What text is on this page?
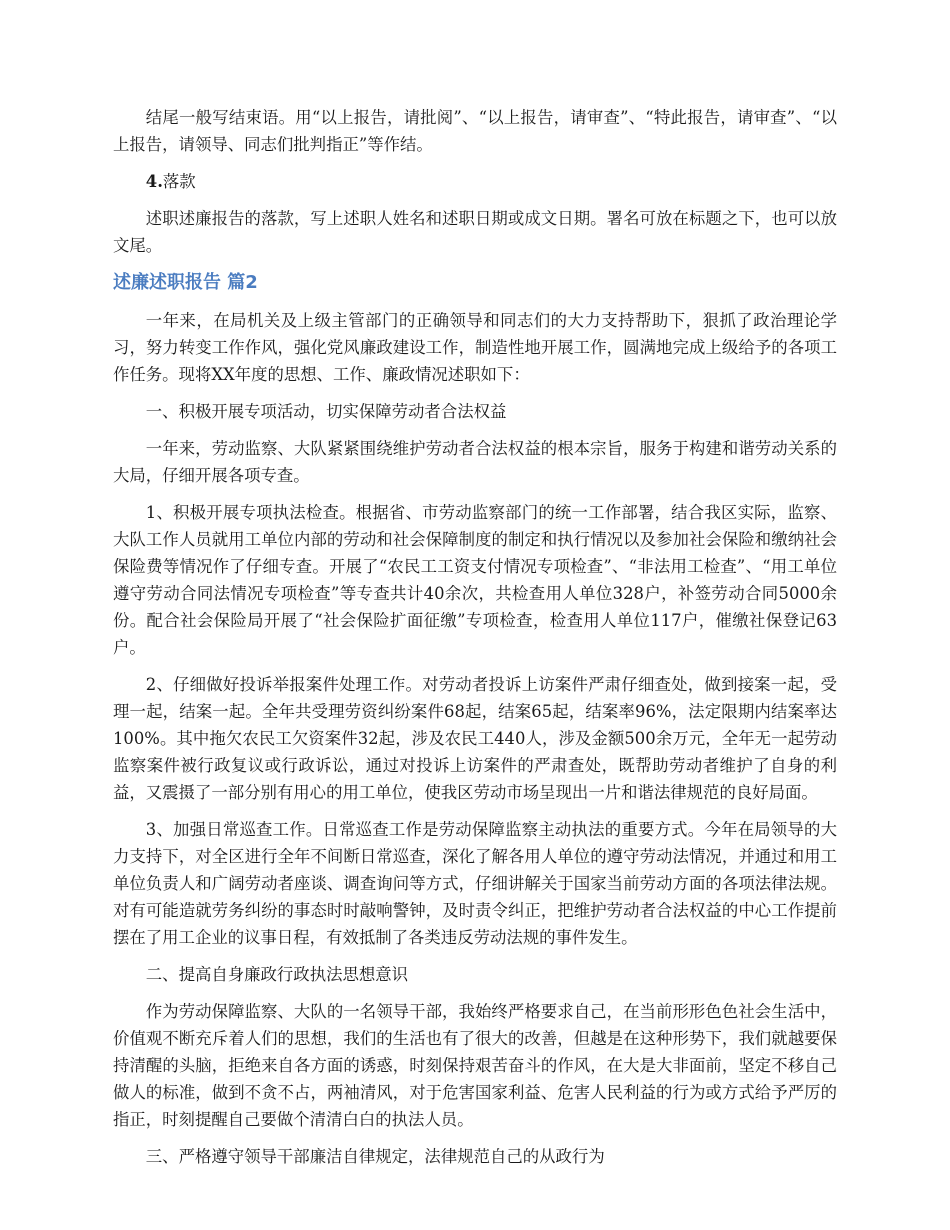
结尾一般写结束语。用“以上报告，请批阅”、“以上报告，请审查”、“特此报告，请审查”、“以上报告，请领导、同志们批判指正”等作结。

4.落款

述职述廉报告的落款，写上述职人姓名和述职日期或成文日期。署名可放在标题之下，也可以放文尾。

述廉述职报告 篇2

一年来，在局机关及上级主管部门的正确领导和同志们的大力支持帮助下，狠抓了政治理论学习，努力转变工作作风，强化党风廉政建设工作，制造性地开展工作，圆满地完成上级给予的各项工作任务。现将XX年度的思想、工作、廉政情况述职如下：

一、积极开展专项活动，切实保障劳动者合法权益

一年来，劳动监察、大队紧紧围绕维护劳动者合法权益的根本宗旨，服务于构建和谐劳动关系的大局，仔细开展各项专查。

1、积极开展专项执法检查。根据省、市劳动监察部门的统一工作部署，结合我区实际，监察、大队工作人员就用工单位内部的劳动和社会保障制度的制定和执行情况以及参加社会保险和缴纳社会保险费等情况作了仔细专查。开展了“农民工工资支付情况专项检查”、“非法用工检查”、“用工单位遵守劳动合同法情况专项检查”等专查共计40余次，共检查用人单位328户，补签劳动合同5000余份。配合社会保险局开展了“社会保险扩面征缴”专项检查，检查用人单位117户，催缴社保登记63户。

2、仔细做好投诉举报案件处理工作。对劳动者投诉上访案件严肃仔细查处，做到接案一起，受理一起，结案一起。全年共受理劳资纠纷案件68起，结案65起，结案率96%，法定限期内结案率达100%。其中拖欠农民工欠资案件32起，涉及农民工440人，涉及金额500余万元，全年无一起劳动监察案件被行政复议或行政诉讼，通过对投诉上访案件的严肃查处，既帮助劳动者维护了自身的利益，又震摄了一部分别有用心的用工单位，使我区劳动市场呈现出一片和谐法律规范的良好局面。

3、加强日常巡查工作。日常巡查工作是劳动保障监察主动执法的重要方式。今年在局领导的大力支持下，对全区进行全年不间断日常巡查，深化了解各用人单位的遵守劳动法情况，并通过和用工单位负责人和广阔劳动者座谈、调查询问等方式，仔细讲解关于国家当前劳动方面的各项法律法规。对有可能造就劳务纠纷的事态时时敲响警钟，及时责令纠正，把维护劳动者合法权益的中心工作提前摆在了用工企业的议事日程，有效抵制了各类违反劳动法规的事件发生。

二、提高自身廉政行政执法思想意识

作为劳动保障监察、大队的一名领导干部，我始终严格要求自己，在当前形形色色社会生活中，价值观不断充斥着人们的思想，我们的生活也有了很大的改善，但越是在这种形势下，我们就越要保持清醒的头脑，拒绝来自各方面的诱惑，时刻保持艰苦奋斗的作风，在大是大非面前，坚定不移自己做人的标准，做到不贪不占，两袖清风，对于危害国家利益、危害人民利益的行为或方式给予严厉的指正，时刻提醒自己要做个清清白白的执法人员。

三、严格遵守领导干部廉洁自律规定，法律规范自己的从政行为
